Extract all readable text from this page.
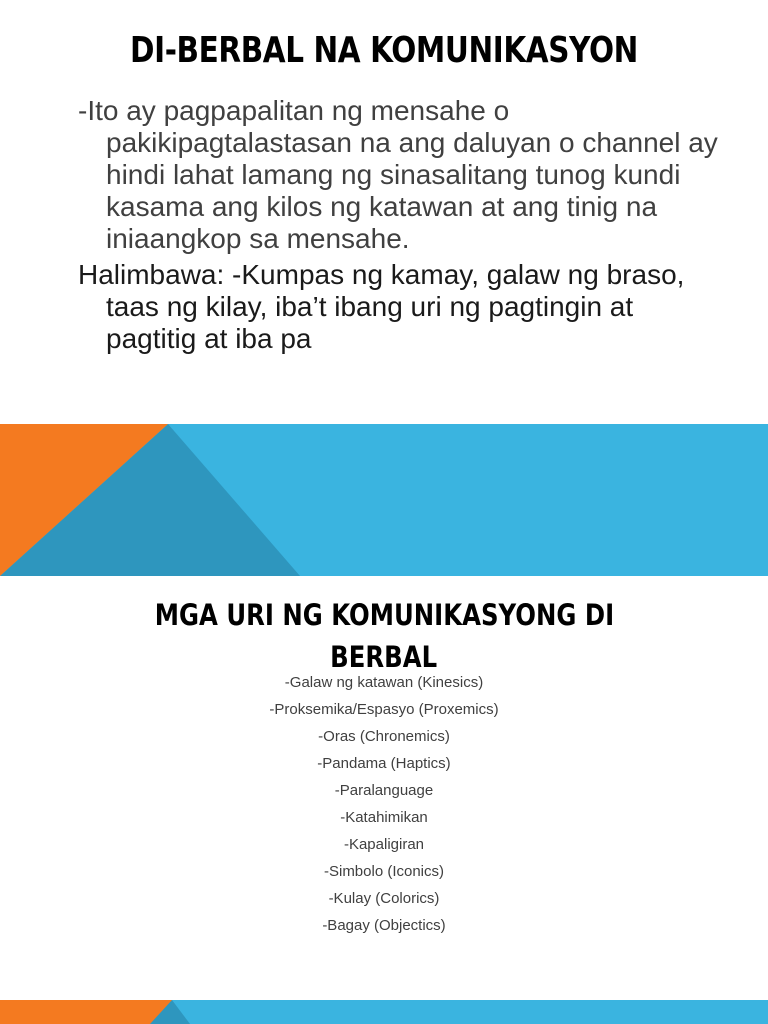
DI-BERBAL NA KOMUNIKASYON

-Ito ay pagpapalitan ng mensahe o pakikipagtalastasan na ang daluyan o channel ay hindi lahat lamang ng sinasalitang tunog kundi kasama ang kilos ng katawan at ang tinig na iniaangkop sa mensahe.

Halimbawa: -Kumpas ng kamay, galaw ng braso, taas ng kilay, iba’t ibang uri ng pagtingin at pagtitig at iba pa

MGA URI NG KOMUNIKASYONG DI
BERBAL
-Galaw ng katawan (Kinesics)
-Proksemika/Espasyo (Proxemics)
-Oras (Chronemics)
-Pandama (Haptics)
-Paralanguage
-Katahimikan
-Kapaligiran
-Simbolo (Iconics)
-Kulay (Colorics)
-Bagay (Objectics)
